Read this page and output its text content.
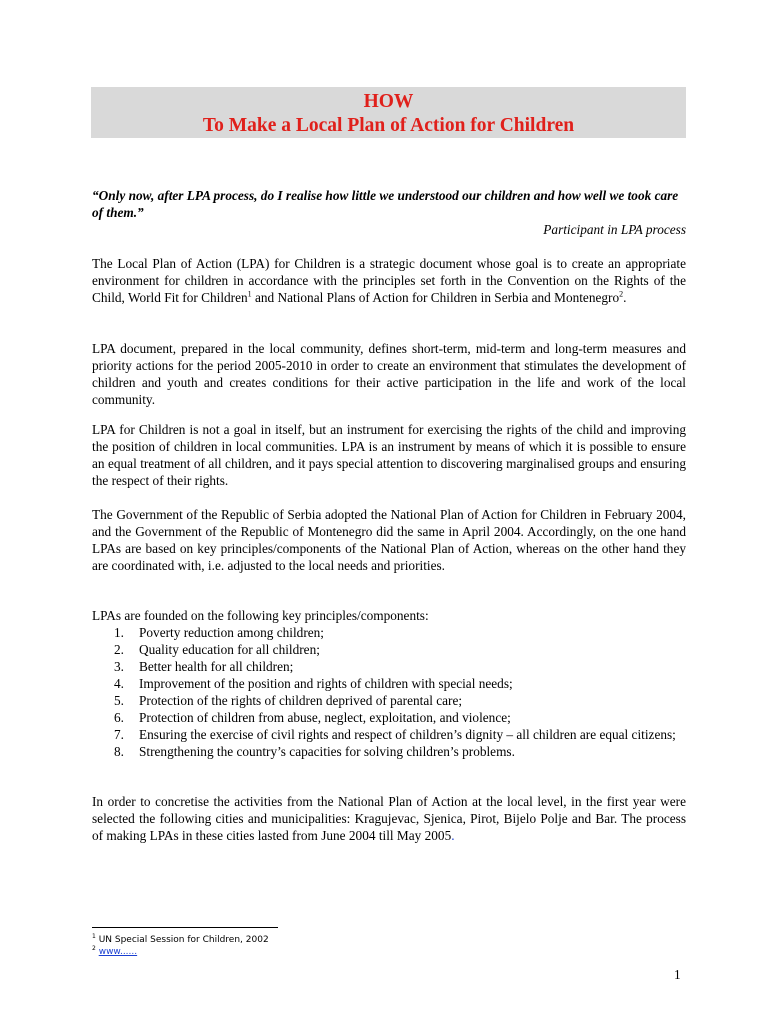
HOW
To Make a Local Plan of Action for Children
“Only now, after LPA process, do I realise how little we understood our children and how well we took care of them.”
Participant in LPA process

The Local Plan of Action (LPA) for Children is a strategic document whose goal is to create an appropriate environment for children in accordance with the principles set forth in the Convention on the Rights of the Child, World Fit for Children$^1$ and National Plans of Action for Children in Serbia and Montenegro$^2$.

LPA document, prepared in the local community, defines short-term, mid-term and long-term measures and priority actions for the period 2005-2010 in order to create an environment that stimulates the development of children and youth and creates conditions for their active participation in the life and work of the local community.

LPA for Children is not a goal in itself, but an instrument for exercising the rights of the child and improving the position of children in local communities. LPA is an instrument by means of which it is possible to ensure an equal treatment of all children, and it pays special attention to discovering marginalised groups and ensuring the respect of their rights.

The Government of the Republic of Serbia adopted the National Plan of Action for Children in February 2004, and the Government of the Republic of Montenegro did the same in April 2004. Accordingly, on the one hand LPAs are based on key principles/components of the National Plan of Action, whereas on the other hand they are coordinated with, i.e. adjusted to the local needs and priorities.

LPAs are founded on the following key principles/components:
1. Poverty reduction among children;
2. Quality education for all children;
3. Better health for all children;
4. Improvement of the position and rights of children with special needs;
5. Protection of the rights of children deprived of parental care;
6. Protection of children from abuse, neglect, exploitation, and violence;
7. Ensuring the exercise of civil rights and respect of children’s dignity – all children are equal citizens;
8. Strengthening the country’s capacities for solving children’s problems.

In order to concretise the activities from the National Plan of Action at the local level, in the first year were selected the following cities and municipalities: Kragujevac, Sjenica, Pirot, Bijelo Polje and Bar. The process of making LPAs in these cities lasted from June 2004 till May 2005.

$^1$ UN Special Session for Children, 2002
$^2$ www......
1
